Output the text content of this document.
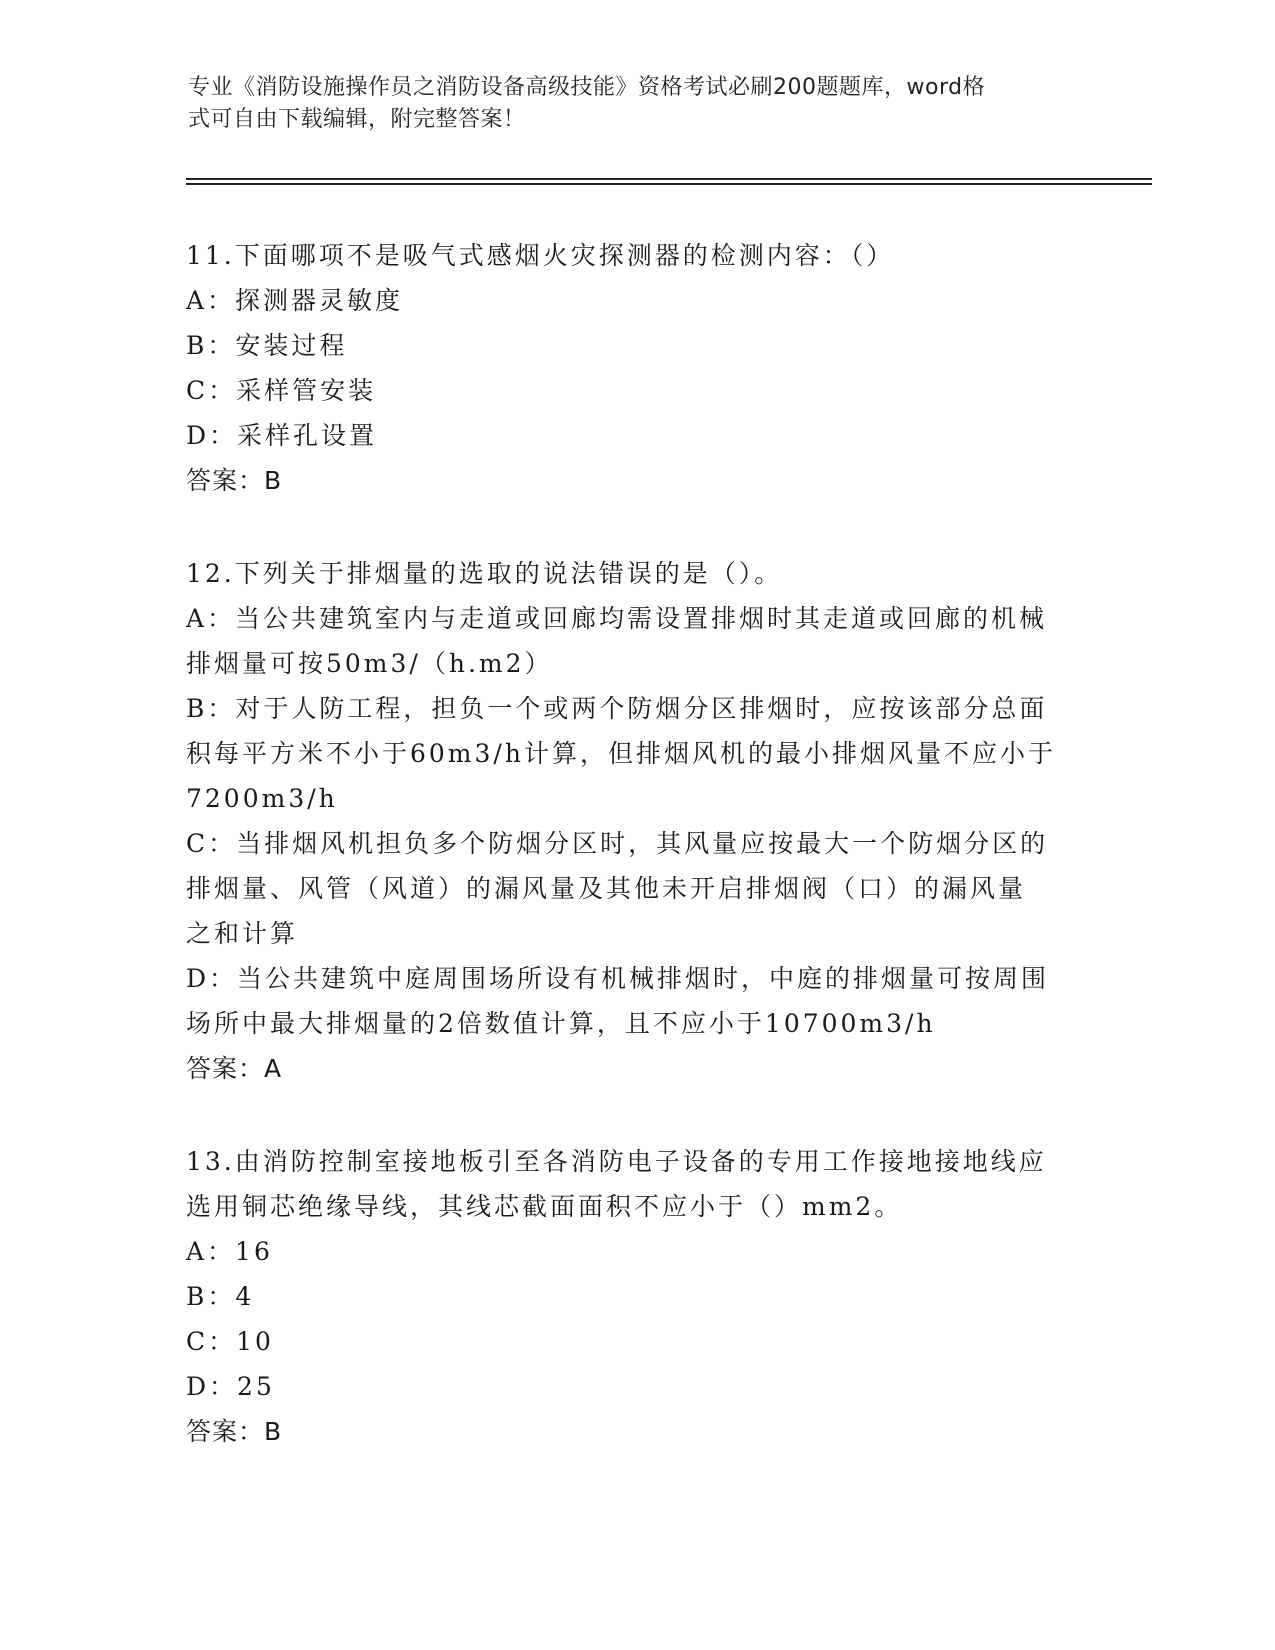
专业《消防设施操作员之消防设备高级技能》资格考试必刷200题题库，word格
式可自由下载编辑，附完整答案！
11.下面哪项不是吸气式感烟火灾探测器的检测内容：（）
A：探测器灵敏度
B：安装过程
C：采样管安装
D：采样孔设置
答案：B
12.下列关于排烟量的选取的说法错误的是（）。
A：当公共建筑室内与走道或回廊均需设置排烟时其走道或回廊的机械
排烟量可按50m3/（h.m2）
B：对于人防工程，担负一个或两个防烟分区排烟时，应按该部分总面
积每平方米不小于60m3/h计算，但排烟风机的最小排烟风量不应小于
7200m3/h
C：当排烟风机担负多个防烟分区时，其风量应按最大一个防烟分区的
排烟量、风管（风道）的漏风量及其他未开启排烟阀（口）的漏风量
之和计算
D：当公共建筑中庭周围场所设有机械排烟时，中庭的排烟量可按周围
场所中最大排烟量的2倍数值计算，且不应小于10700m3/h
答案：A
13.由消防控制室接地板引至各消防电子设备的专用工作接地接地线应
选用铜芯绝缘导线，其线芯截面面积不应小于（）mm2。
A：16
B：4
C：10
D：25
答案：B
